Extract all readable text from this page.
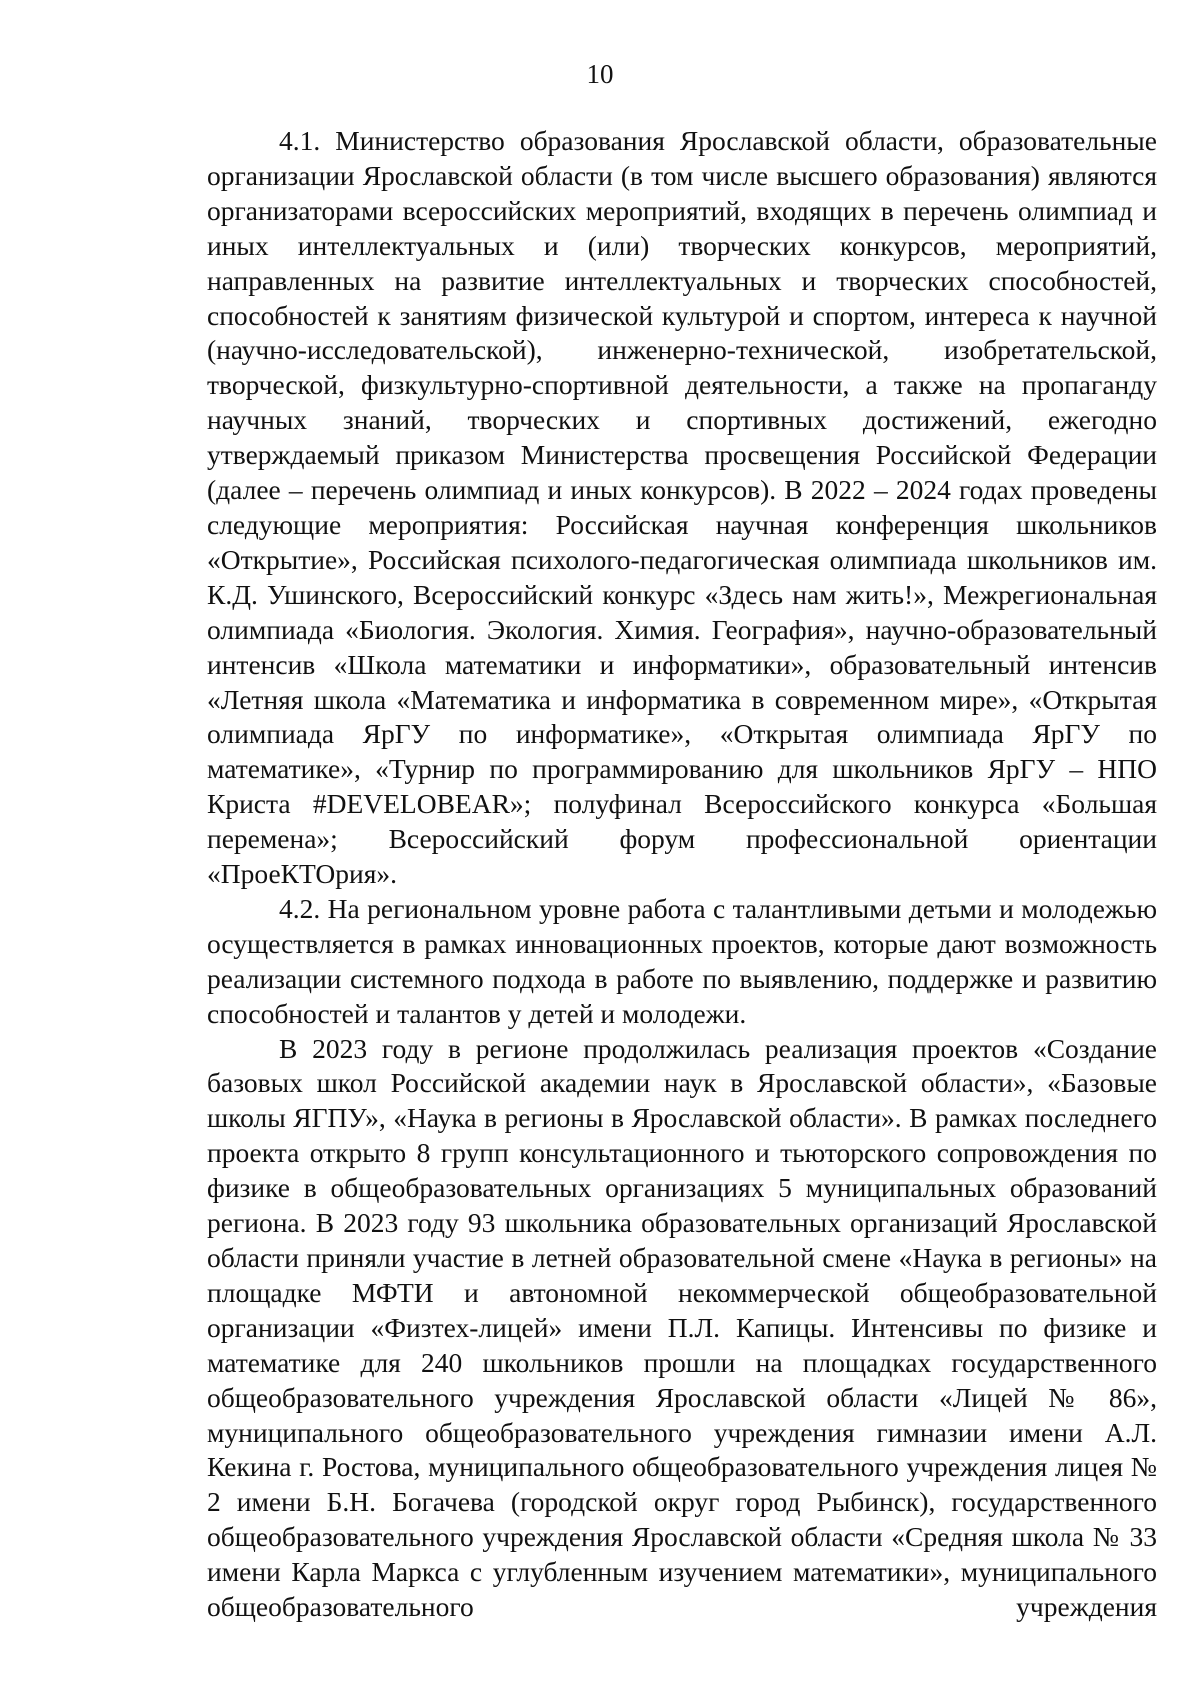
10

4.1. Министерство образования Ярославской области, образовательные организации Ярославской области (в том числе высшего образования) являются организаторами всероссийских мероприятий, входящих в перечень олимпиад и иных интеллектуальных и (или) творческих конкурсов, мероприятий, направленных на развитие интеллектуальных и творческих способностей, способностей к занятиям физической культурой и спортом, интереса к научной (научно-исследовательской), инженерно-технической, изобретательской, творческой, физкультурно-спортивной деятельности, а также на пропаганду научных знаний, творческих и спортивных достижений, ежегодно утверждаемый приказом Министерства просвещения Российской Федерации (далее – перечень олимпиад и иных конкурсов). В 2022 – 2024 годах проведены следующие мероприятия: Российская научная конференция школьников «Открытие», Российская психолого-педагогическая олимпиада школьников им. К.Д. Ушинского, Всероссийский конкурс «Здесь нам жить!», Межрегиональная олимпиада «Биология. Экология. Химия. География», научно-образовательный интенсив «Школа математики и информатики», образовательный интенсив «Летняя школа «Математика и информатика в современном мире», «Открытая олимпиада ЯрГУ по информатике», «Открытая олимпиада ЯрГУ по математике», «Турнир по программированию для школьников ЯрГУ – НПО Криста #DEVELOBEAR»; полуфинал Всероссийского конкурса «Большая перемена»; Всероссийский форум профессиональной ориентации «ПроеКТОрия».

4.2. На региональном уровне работа с талантливыми детьми и молодежью осуществляется в рамках инновационных проектов, которые дают возможность реализации системного подхода в работе по выявлению, поддержке и развитию способностей и талантов у детей и молодежи.

В 2023 году в регионе продолжилась реализация проектов «Создание базовых школ Российской академии наук в Ярославской области», «Базовые школы ЯГПУ», «Наука в регионы в Ярославской области». В рамках последнего проекта открыто 8 групп консультационного и тьюторского сопровождения по физике в общеобразовательных организациях 5 муниципальных образований региона. В 2023 году 93 школьника образовательных организаций Ярославской области приняли участие в летней образовательной смене «Наука в регионы» на площадке МФТИ и автономной некоммерческой общеобразовательной организации «Физтех-лицей» имени П.Л. Капицы. Интенсивы по физике и математике для 240 школьников прошли на площадках государственного общеобразовательного учреждения Ярославской области «Лицей № 86», муниципального общеобразовательного учреждения гимназии имени А.Л. Кекина г. Ростова, муниципального общеобразовательного учреждения лицея № 2 имени Б.Н. Богачева (городской округ город Рыбинск), государственного общеобразовательного учреждения Ярославской области «Средняя школа № 33 имени Карла Маркса с углубленным изучением математики», муниципального общеобразовательного учреждения
